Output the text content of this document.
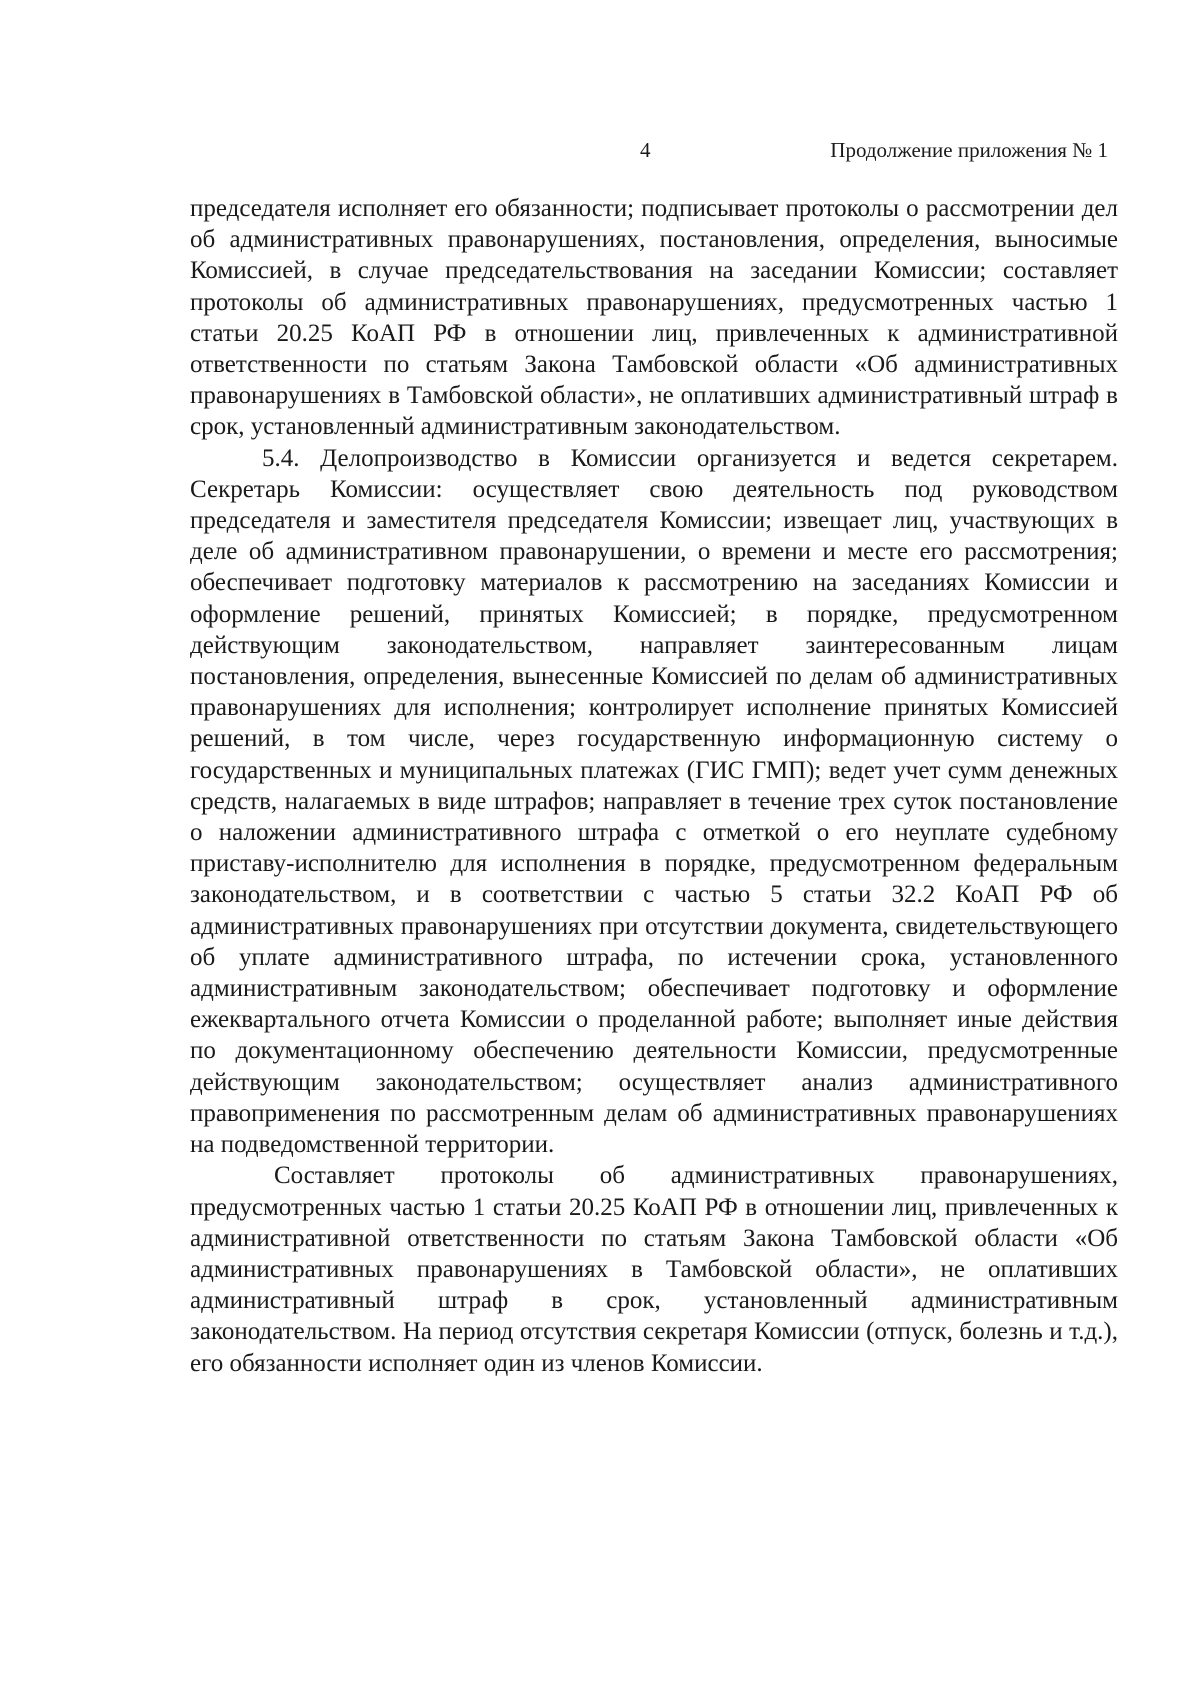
4	Продолжение приложения № 1

председателя исполняет его обязанности; подписывает протоколы о рассмотрении дел об административных правонарушениях, постановления, определения, выносимые Комиссией, в случае председательствования на заседании Комиссии; составляет протоколы об административных правонарушениях, предусмотренных частью 1 статьи 20.25 КоАП РФ в отношении лиц, привлеченных к административной ответственности по статьям Закона Тамбовской области «Об административных правонарушениях в Тамбовской области», не оплативших административный штраф в срок, установленный административным законодательством.

5.4. Делопроизводство в Комиссии организуется и ведется секретарем. Секретарь Комиссии: осуществляет свою деятельность под руководством председателя и заместителя председателя Комиссии; извещает лиц, участвующих в деле об административном правонарушении, о времени и месте его рассмотрения; обеспечивает подготовку материалов к рассмотрению на заседаниях Комиссии и оформление решений, принятых Комиссией; в порядке, предусмотренном действующим законодательством, направляет заинтересованным лицам постановления, определения, вынесенные Комиссией по делам об административных правонарушениях для исполнения; контролирует исполнение принятых Комиссией решений, в том числе, через государственную информационную систему о государственных и муниципальных платежах (ГИС ГМП); ведет учет сумм денежных средств, налагаемых в виде штрафов; направляет в течение трех суток постановление о наложении административного штрафа с отметкой о его неуплате судебному приставу-исполнителю для исполнения в порядке, предусмотренном федеральным законодательством, и в соответствии с частью 5 статьи 32.2 КоАП РФ об административных правонарушениях при отсутствии документа, свидетельствующего об уплате административного штрафа, по истечении срока, установленного административным законодательством; обеспечивает подготовку и оформление ежеквартального отчета Комиссии о проделанной работе; выполняет иные действия по документационному обеспечению деятельности Комиссии, предусмотренные действующим законодательством; осуществляет анализ административного правоприменения по рассмотренным делам об административных правонарушениях на подведомственной территории.

Составляет протоколы об административных правонарушениях, предусмотренных частью 1 статьи 20.25 КоАП РФ в отношении лиц, привлеченных к административной ответственности по статьям Закона Тамбовской области «Об административных правонарушениях в Тамбовской области», не оплативших административный штраф в срок, установленный административным законодательством. На период отсутствия секретаря Комиссии (отпуск, болезнь и т.д.), его обязанности исполняет один из членов Комиссии.
